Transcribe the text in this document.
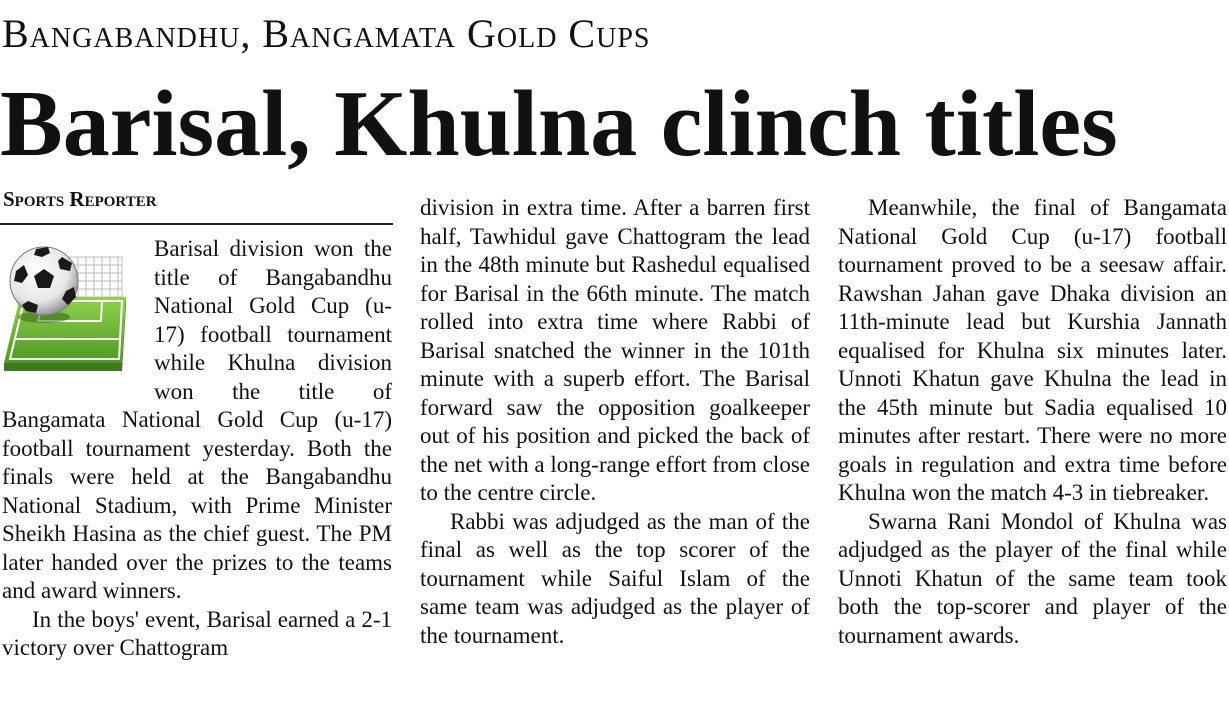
Bangabandhu, Bangamata Gold Cups
Barisal, Khulna clinch titles
Sports Reporter

Barisal division won the title of Bangabandhu National Gold Cup (u-17) football tournament while Khulna division won the title of Bangamata National Gold Cup (u-17) football tournament yesterday. Both the finals were held at the Bangabandhu National Stadium, with Prime Minister Sheikh Hasina as the chief guest. The PM later handed over the prizes to the teams and award winners.

In the boys' event, Barisal earned a 2-1 victory over Chattogram

division in extra time. After a barren first half, Tawhidul gave Chattogram the lead in the 48th minute but Rashedul equalised for Barisal in the 66th minute. The match rolled into extra time where Rabbi of Barisal snatched the winner in the 101th minute with a superb effort. The Barisal forward saw the opposition goalkeeper out of his position and picked the back of the net with a long-range effort from close to the centre circle.

Rabbi was adjudged as the man of the final as well as the top scorer of the tournament while Saiful Islam of the same team was adjudged as the player of the tournament.

Meanwhile, the final of Bangamata National Gold Cup (u-17) football tournament proved to be a seesaw affair. Rawshan Jahan gave Dhaka division an 11th-minute lead but Kurshia Jannath equalised for Khulna six minutes later. Unnoti Khatun gave Khulna the lead in the 45th minute but Sadia equalised 10 minutes after restart. There were no more goals in regulation and extra time before Khulna won the match 4-3 in tiebreaker.

Swarna Rani Mondol of Khulna was adjudged as the player of the final while Unnoti Khatun of the same team took both the top-scorer and player of the tournament awards.
